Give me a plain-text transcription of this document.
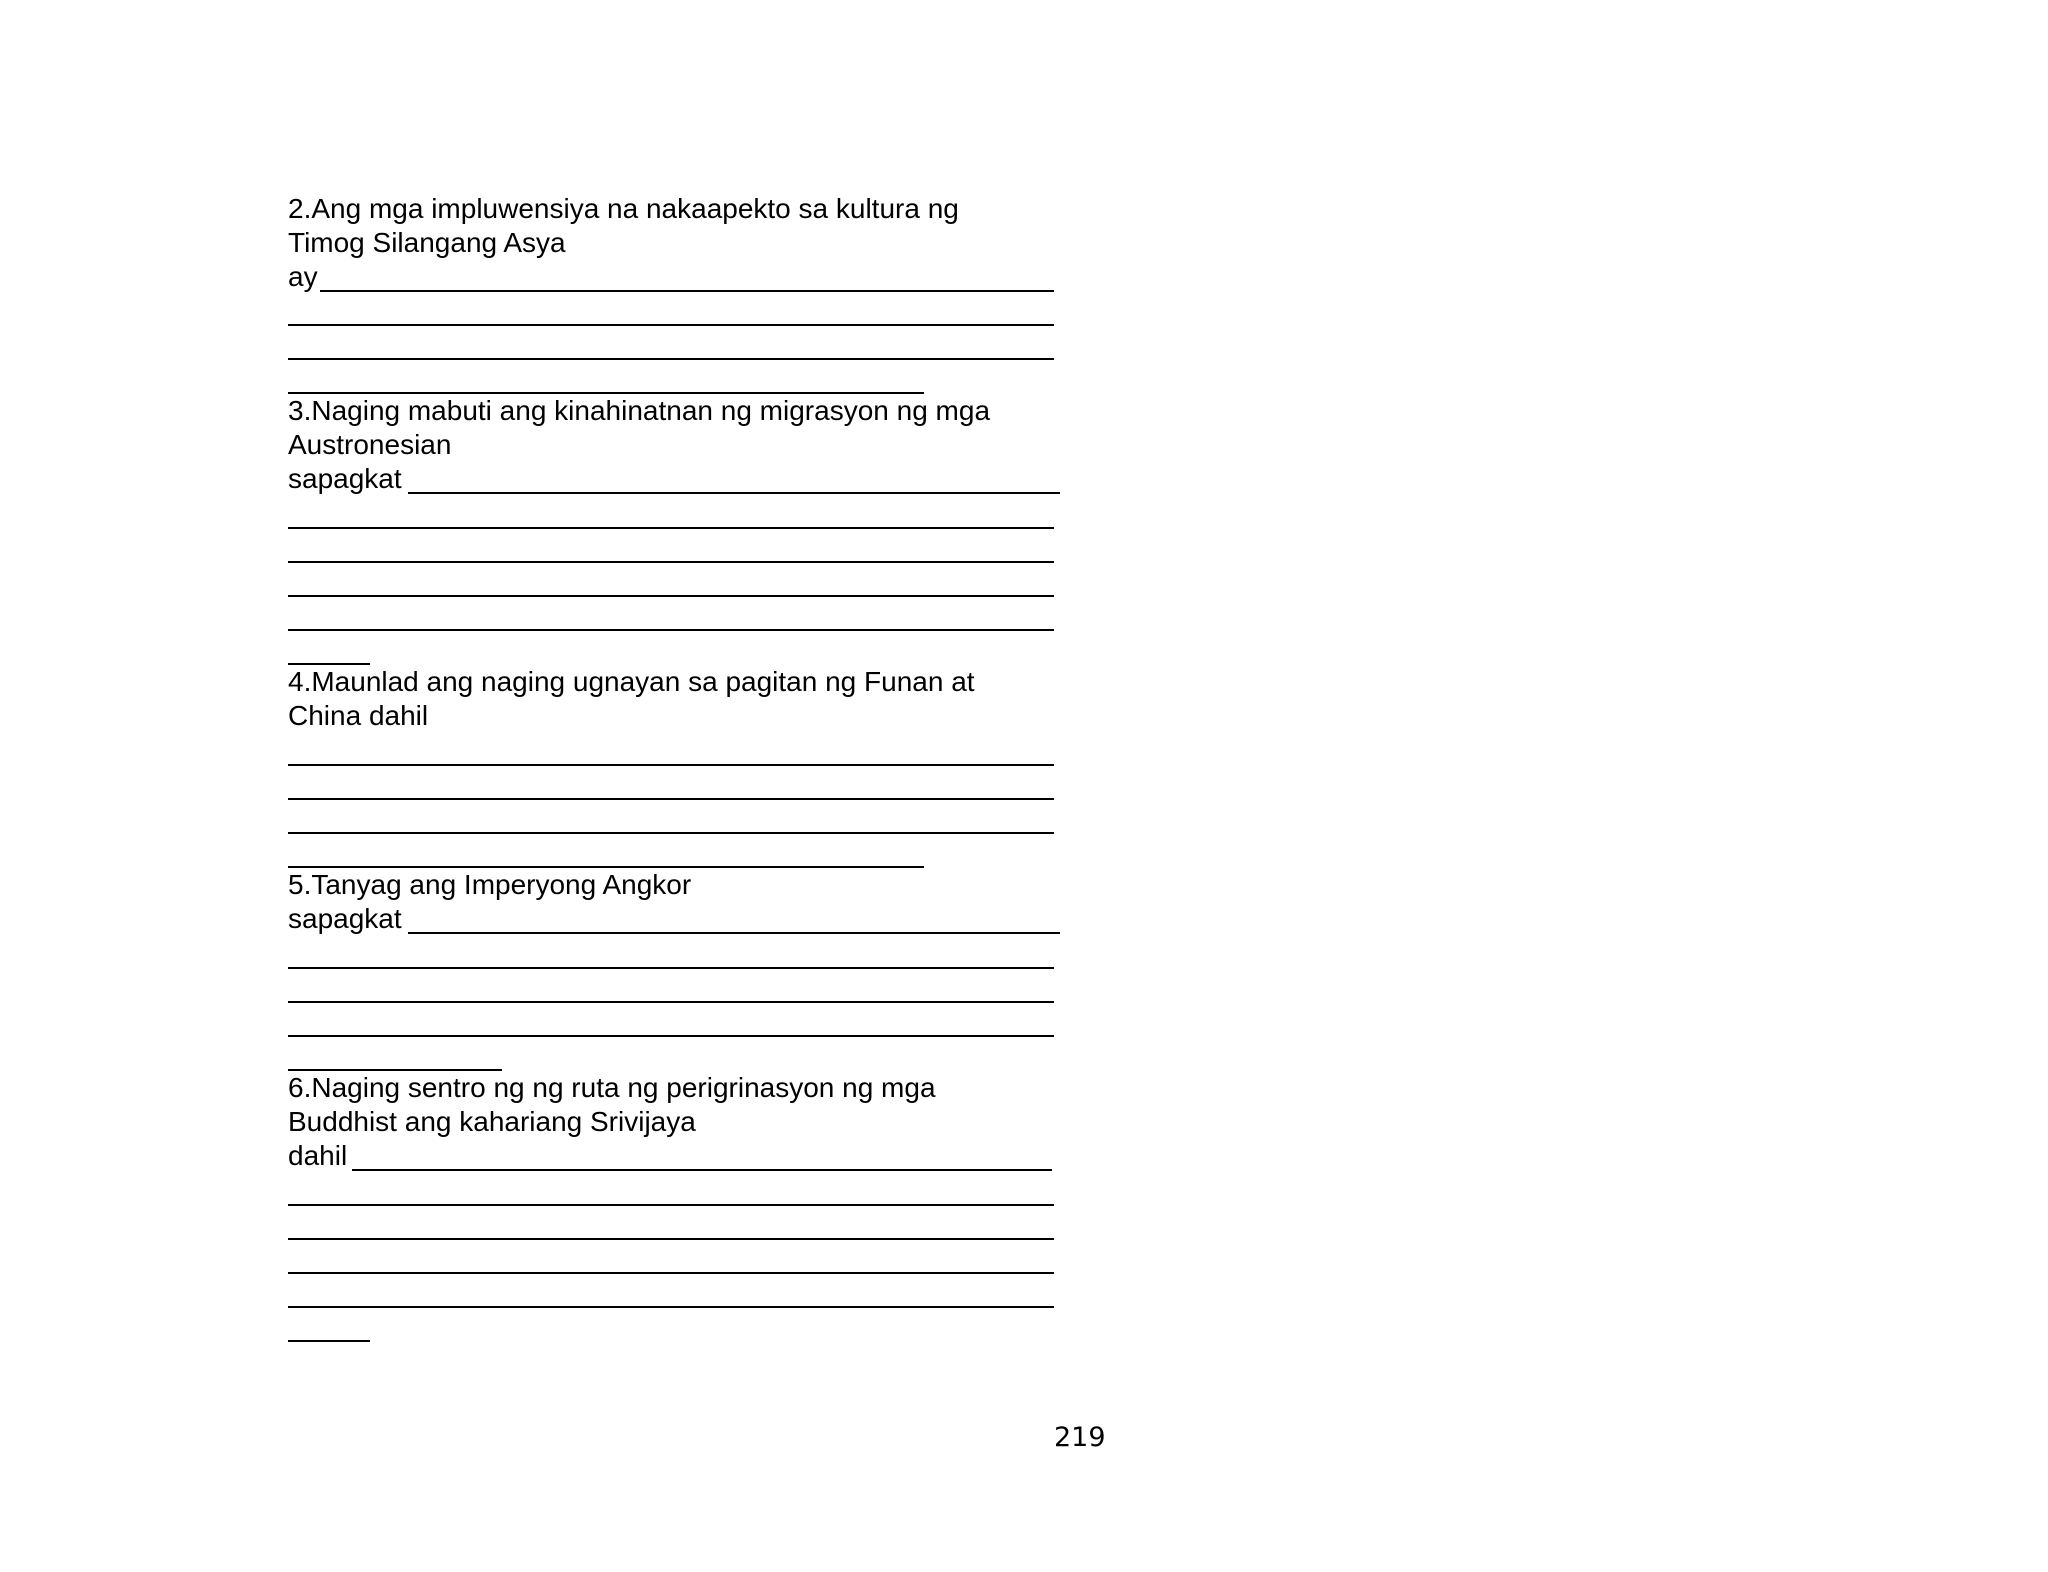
2.Ang mga impluwensiya na nakaapekto sa kultura ng
Timog Silangang Asya
ay
3.Naging mabuti ang kinahinatnan ng migrasyon ng mga
Austronesian
sapagkat
4.Maunlad ang naging ugnayan sa pagitan ng Funan at
China dahil
5.Tanyag ang Imperyong Angkor
sapagkat
6.Naging sentro ng ng ruta ng perigrinasyon ng mga
Buddhist ang kahariang Srivijaya
dahil
219
